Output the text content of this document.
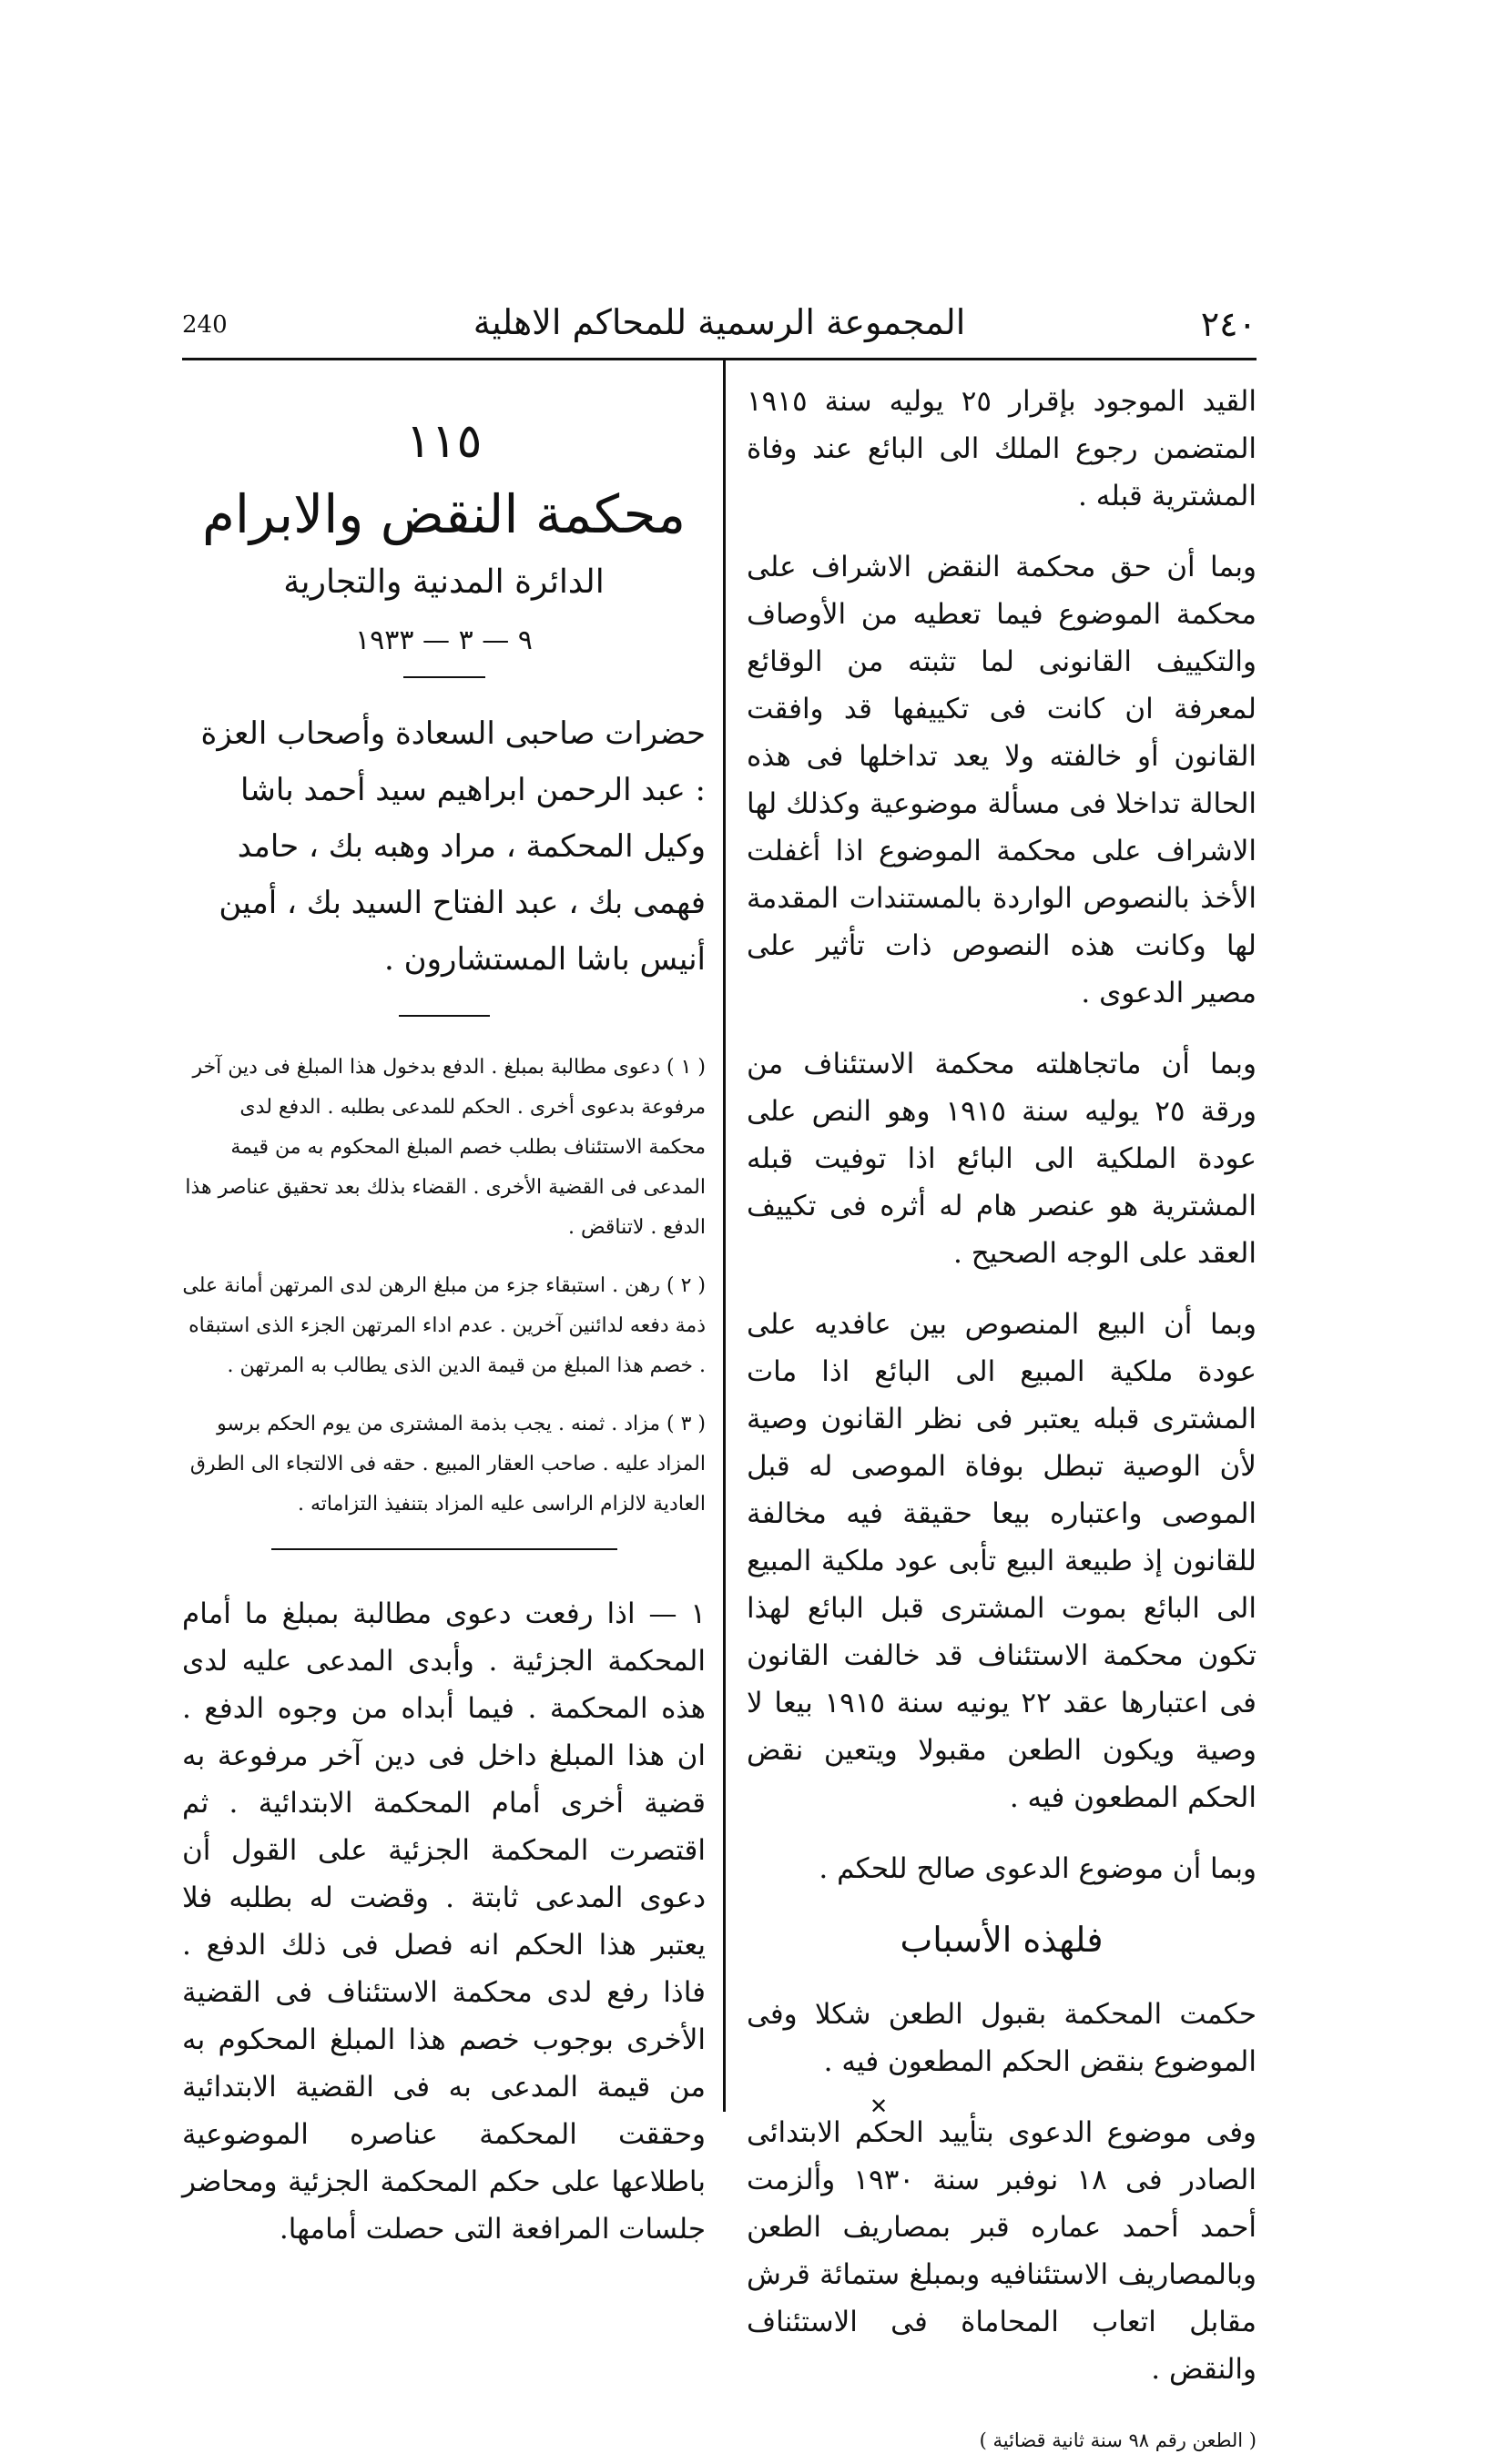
240	المجموعة الرسمية للمحاكم الاهلية	٢٤٠

القيد الموجود بإقرار ٢٥ يوليه سنة ١٩١٥ المتضمن رجوع الملك الى البائع عند وفاة المشترية قبله .

وبما أن حق محكمة النقض الاشراف على محكمة الموضوع فيما تعطيه من الأوصاف والتكييف القانونى لما تثبته من الوقائع لمعرفة ان كانت فى تكييفها قد وافقت القانون أو خالفته ولا يعد تداخلها فى هذه الحالة تداخلا فى مسألة موضوعية وكذلك لها الاشراف على محكمة الموضوع اذا أغفلت الأخذ بالنصوص الواردة بالمستندات المقدمة لها وكانت هذه النصوص ذات تأثير على مصير الدعوى .

وبما أن ماتجاهلته محكمة الاستئناف من ورقة ٢٥ يوليه سنة ١٩١٥ وهو النص على عودة الملكية الى البائع اذا توفيت قبله المشترية هو عنصر هام له أثره فى تكييف العقد على الوجه الصحيح .

وبما أن البيع المنصوص بين عافديه على عودة ملكية المبيع الى البائع اذا مات المشترى قبله يعتبر فى نظر القانون وصية لأن الوصية تبطل بوفاة الموصى له قبل الموصى واعتباره بيعا حقيقة فيه مخالفة للقانون إذ طبيعة البيع تأبى عود ملكية المبيع الى البائع بموت المشترى قبل البائع لهذا تكون محكمة الاستئناف قد خالفت القانون فى اعتبارها عقد ٢٢ يونيه سنة ١٩١٥ بيعا لا وصية ويكون الطعن مقبولا ويتعين نقض الحكم المطعون فيه .

وبما أن موضوع الدعوى صالح للحكم .

فلهذه الأسباب

حكمت المحكمة بقبول الطعن شكلا وفى الموضوع بنقض الحكم المطعون فيه .

وفى موضوع الدعوى بتأييد الحكم الابتدائى الصادر فى ١٨ نوفبر سنة ١٩٣٠ وألزمت أحمد أحمد عماره قبر بمصاريف الطعن وبالمصاريف الاستئنافيه وبمبلغ ستمائة قرش مقابل اتعاب المحاماة فى الاستئناف والنقض .

( الطعن رقم ٩٨ سنة ثانية قضائية )
✕
١١٥
محكمة النقض والابرام
الدائرة المدنية والتجارية
٩ — ٣ — ١٩٣٣
حضرات صاحبى السعادة وأصحاب العزة : عبد الرحمن ابراهيم سيد أحمد باشا وكيل المحكمة ، مراد وهبه بك ، حامد فهمى بك ، عبد الفتاح السيد بك ، أمين أنيس باشا المستشارون .

( ١ ) دعوى مطالبة بمبلغ . الدفع بدخول هذا المبلغ فى دين آخر مرفوعة بدعوى أخرى . الحكم للمدعى بطلبه . الدفع لدى محكمة الاستئناف بطلب خصم المبلغ المحكوم به من قيمة المدعى فى القضية الأخرى . القضاء بذلك بعد تحقيق عناصر هذا الدفع . لاتناقض .

( ٢ ) رهن . استبقاء جزء من مبلغ الرهن لدى المرتهن أمانة على ذمة دفعه لدائنين آخرين . عدم اداء المرتهن الجزء الذى استبقاه . خصم هذا المبلغ من قيمة الدين الذى يطالب به المرتهن .

( ٣ ) مزاد . ثمنه . يجب بذمة المشترى من يوم الحكم برسو المزاد عليه . صاحب العقار المبيع . حقه فى الالتجاء الى الطرق العادية لالزام الراسى عليه المزاد بتنفيذ التزاماته .

١ — اذا رفعت دعوى مطالبة بمبلغ ما أمام المحكمة الجزئية . وأبدى المدعى عليه لدى هذه المحكمة . فيما أبداه من وجوه الدفع . ان هذا المبلغ داخل فى دين آخر مرفوعة به قضية أخرى أمام المحكمة الابتدائية . ثم اقتصرت المحكمة الجزئية على القول أن دعوى المدعى ثابتة . وقضت له بطلبه فلا يعتبر هذا الحكم انه فصل فى ذلك الدفع . فاذا رفع لدى محكمة الاستئناف فى القضية الأخرى بوجوب خصم هذا المبلغ المحكوم به من قيمة المدعى به فى القضية الابتدائية وحققت المحكمة عناصره الموضوعية باطلاعها على حكم المحكمة الجزئية ومحاضر جلسات المرافعة التى حصلت أمامها.
